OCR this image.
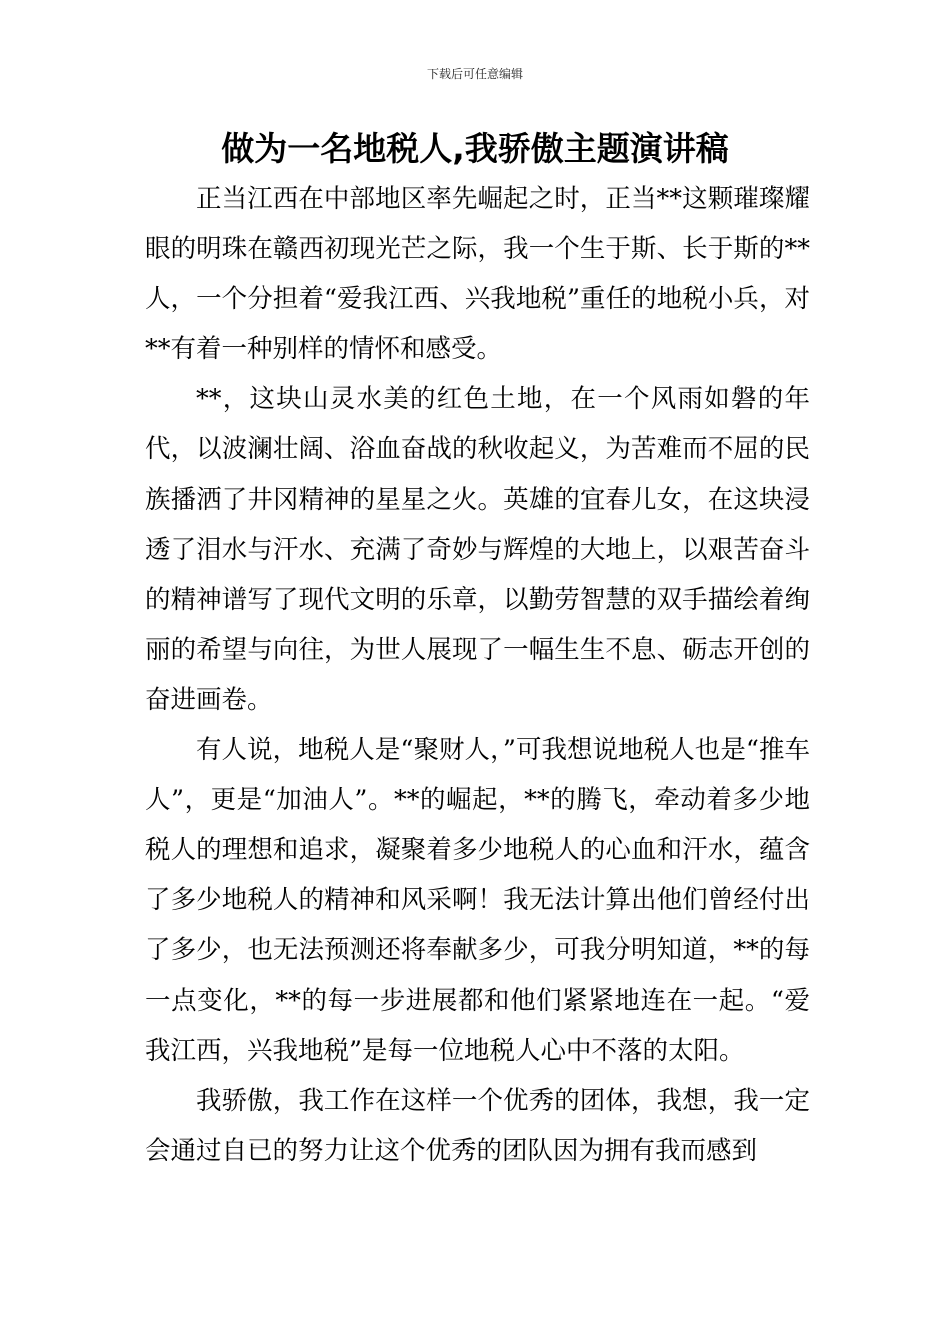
下载后可任意编辑
做为一名地税人,我骄傲主题演讲稿

正当江西在中部地区率先崛起之时，正当**这颗璀璨耀眼的明珠在赣西初现光芒之际，我一个生于斯、长于斯的**人，一个分担着“爱我江西、兴我地税”重任的地税小兵，对**有着一种别样的情怀和感受。

**，这块山灵水美的红色土地，在一个风雨如磐的年代，以波澜壮阔、浴血奋战的秋收起义，为苦难而不屈的民族播洒了井冈精神的星星之火。英雄的宜春儿女，在这块浸透了泪水与汗水、充满了奇妙与辉煌的大地上，以艰苦奋斗的精神谱写了现代文明的乐章，以勤劳智慧的双手描绘着绚丽的希望与向往，为世人展现了一幅生生不息、砺志开创的奋进画卷。

有人说，地税人是“聚财人，”可我想说地税人也是“推车人”，更是“加油人”。**的崛起，**的腾飞，牵动着多少地税人的理想和追求，凝聚着多少地税人的心血和汗水，蕴含了多少地税人的精神和风采啊！我无法计算出他们曾经付出了多少，也无法预测还将奉献多少，可我分明知道，**的每一点变化，**的每一步进展都和他们紧紧地连在一起。“爱我江西，兴我地税”是每一位地税人心中不落的太阳。

我骄傲，我工作在这样一个优秀的团体，我想，我一定会通过自已的努力让这个优秀的团队因为拥有我而感到
